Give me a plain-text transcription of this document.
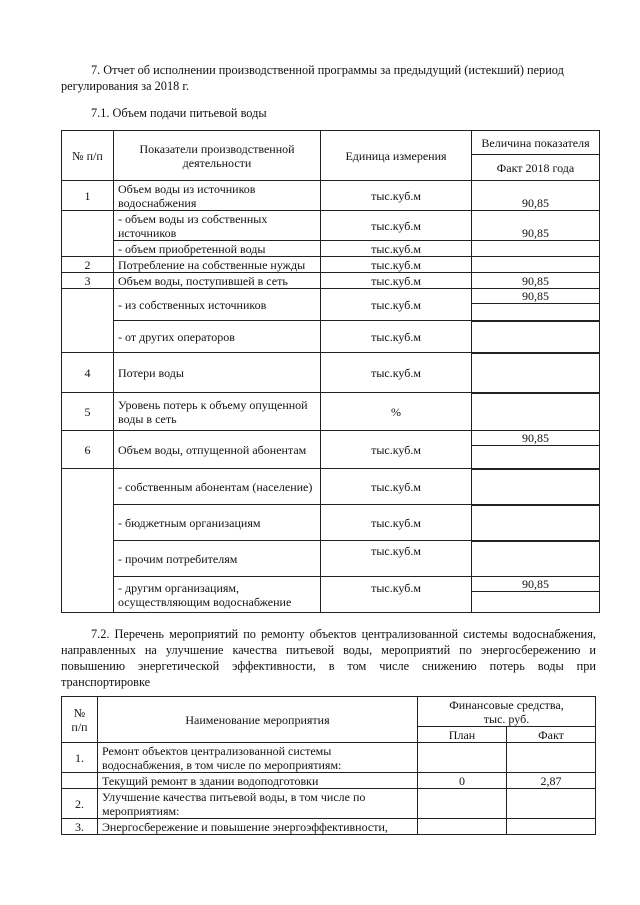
7. Отчет об исполнении производственной программы за предыдущий (истекший) период
регулирования за 2018 г.
7.1. Объем подачи питьевой воды
№ п/п	Показатели производственной деятельности	Единица измерения	Величина показателя
			Факт 2018 года
1	Объем воды из источников водоснабжения	тыс.куб.м	90,85
	- объем воды из собственных источников	тыс.куб.м	90,85
	- объем приобретенной воды	тыс.куб.м	
2	Потребление на собственные нужды	тыс.куб.м	
3	Объем воды, поступившей в сеть	тыс.куб.м	90,85
	- из собственных источников	тыс.куб.м	90,85

	- от других операторов	тыс.куб.м	

4	Потери воды	тыс.куб.м	

5	Уровень потерь к объему опущенной воды в сеть	%	

6	Объем воды, отпущенной абонентам	тыс.куб.м	90,85

	- собственным абонентам (население)	тыс.куб.м	

	- бюджетным организациям	тыс.куб.м	

	- прочим потребителям	тыс.куб.м	

	- другим организациям, осуществляющим водоснабжение	тыс.куб.м	90,85
7.2. Перечень мероприятий по ремонту объектов централизованной системы водоснабжения, направленных на улучшение качества питьевой воды, мероприятий по энергосбережению и повышению энергетической эффективности, в том числе снижению потерь воды при транспортировке
№ п/п	Наименование мероприятия	Финансовые средства, тыс. руб.	
		План	Факт
1.	Ремонт объектов централизованной системы водоснабжения, в том числе по мероприятиям:		
	Текущий ремонт в здании водоподготовки	0	2,87
2.	Улучшение качества питьевой воды, в том числе по мероприятиям:		
3.	Энергосбережение и повышение энергоэффективности,		
